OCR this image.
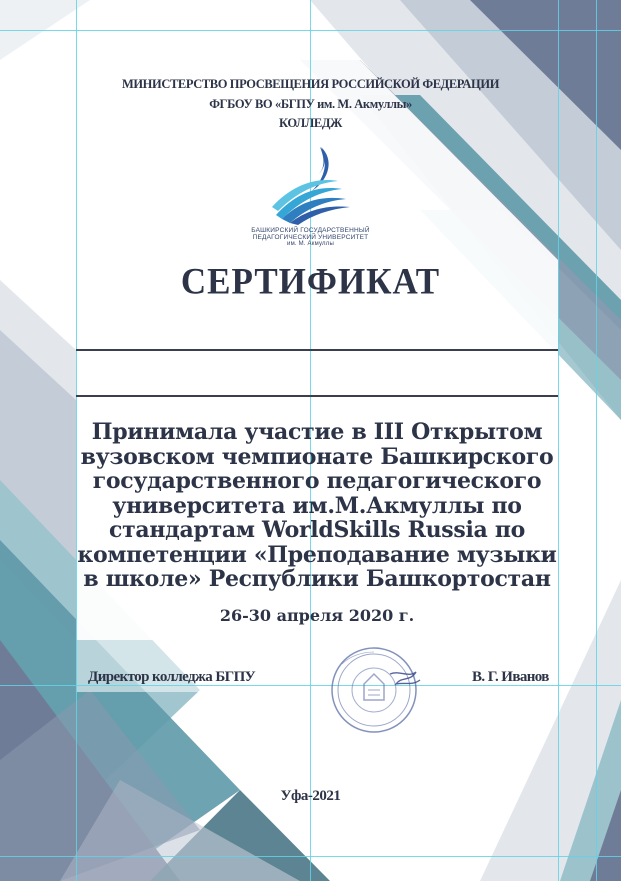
МИНИСТЕРСТВО ПРОСВЕЩЕНИЯ РОССИЙСКОЙ ФЕДЕРАЦИИ
ФГБОУ ВО «БГПУ им. М. Акмуллы»
КОЛЛЕДЖ
БАШКИРСКИЙ ГОСУДАРСТВЕННЫЙ
ПЕДАГОГИЧЕСКИЙ УНИВЕРСИТЕТ
им. М. Акмуллы
СЕРТИФИКАТ
Принимала участие в III Открытом
вузовском чемпионате Башкирского
государственного педагогического
университета им.М.Акмуллы по
стандартам WorldSkills Russia по
компетенции «Преподавание музыки
в школе» Республики Башкортостан
26-30 апреля 2020 г.
Директор колледжа БГПУ	В. Г. Иванов
Уфа-2021
